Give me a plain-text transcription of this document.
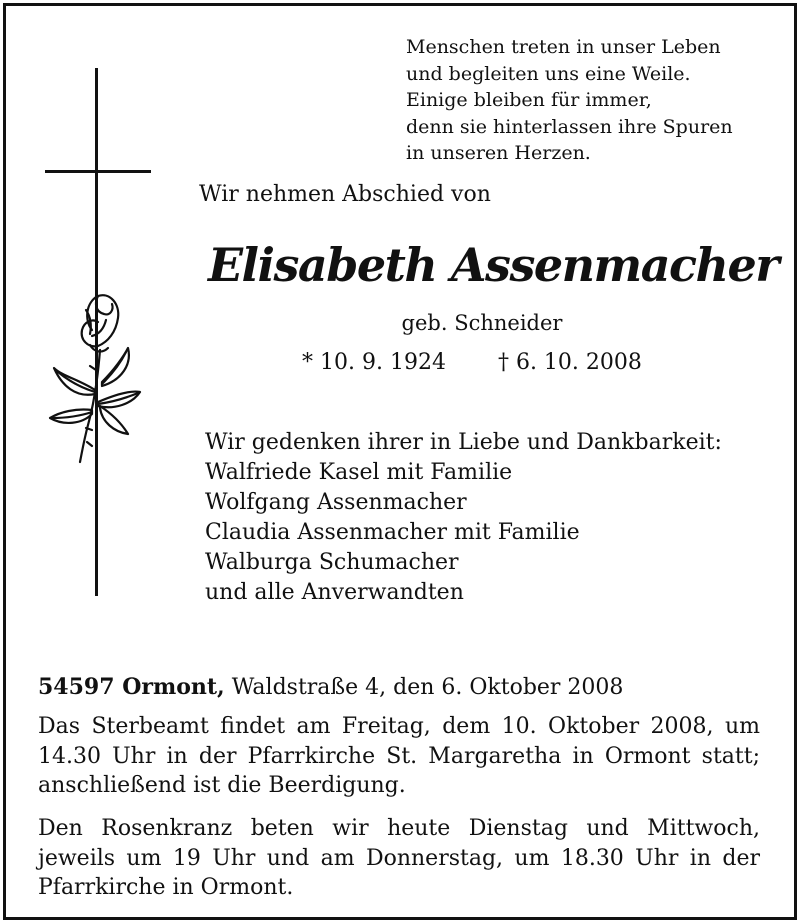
Menschen treten in unser Leben
und begleiten uns eine Weile.
Einige bleiben für immer,
denn sie hinterlassen ihre Spuren
in unseren Herzen.
Wir nehmen Abschied von
Elisabeth Assenmacher
geb. Schneider
* 10. 9. 1924 † 6. 10. 2008
Wir gedenken ihrer in Liebe und Dankbarkeit:
Walfriede Kasel mit Familie
Wolfgang Assenmacher
Claudia Assenmacher mit Familie
Walburga Schumacher
und alle Anverwandten
54597 Ormont, Waldstraße 4, den 6. Oktober 2008
Das Sterbeamt findet am Freitag, dem 10. Oktober 2008, um 14.30 Uhr in der Pfarrkirche St. Margaretha in Ormont statt; anschließend ist die Beerdigung.
Den Rosenkranz beten wir heute Dienstag und Mittwoch, jeweils um 19 Uhr und am Donnerstag, um 18.30 Uhr in der Pfarrkirche in Ormont.
